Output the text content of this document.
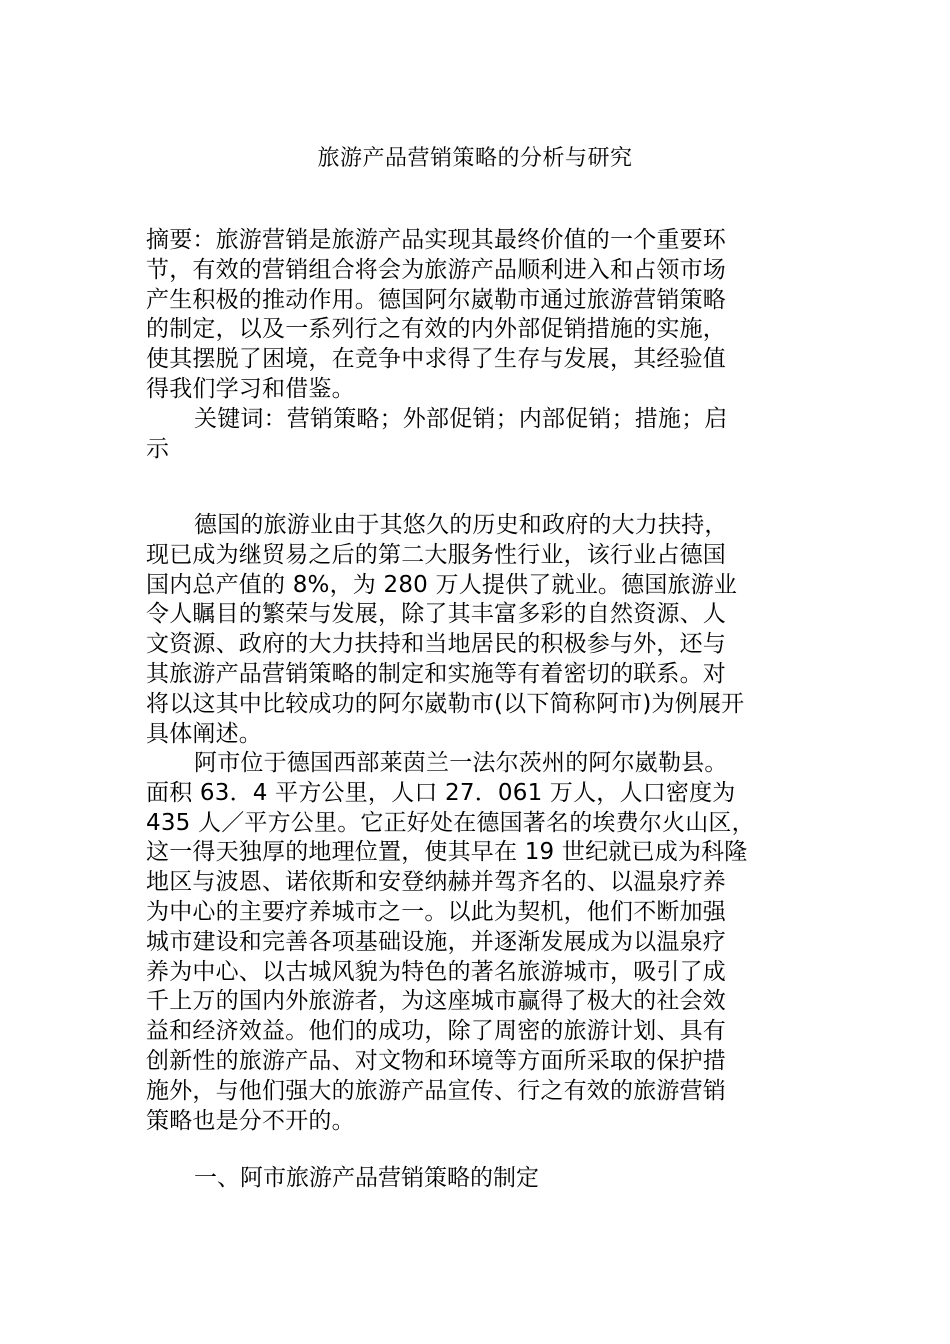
旅游产品营销策略的分析与研究
摘要：旅游营销是旅游产品实现其最终价值的一个重要环
节，有效的营销组合将会为旅游产品顺利进入和占领市场
产生积极的推动作用。德国阿尔崴勒市通过旅游营销策略
的制定，以及一系列行之有效的内外部促销措施的实施，
使其摆脱了困境，在竞争中求得了生存与发展，其经验值
得我们学习和借鉴。
关键词：营销策略；外部促销；内部促销；措施；启
示
德国的旅游业由于其悠久的历史和政府的大力扶持，
现已成为继贸易之后的第二大服务性行业，该行业占德国
国内总产值的 8%，为 280 万人提供了就业。德国旅游业
令人瞩目的繁荣与发展，除了其丰富多彩的自然资源、人
文资源、政府的大力扶持和当地居民的积极参与外，还与
其旅游产品营销策略的制定和实施等有着密切的联系。对
将以这其中比较成功的阿尔崴勒市(以下简称阿市)为例展开
具体阐述。
阿市位于德国西部莱茵兰一法尔茨州的阿尔崴勒县。
面积 63．4 平方公里，人口 27．061 万人，人口密度为
435 人／平方公里。它正好处在德国著名的埃费尔火山区，
这一得天独厚的地理位置，使其早在 19 世纪就已成为科隆
地区与波恩、诺依斯和安登纳赫并驾齐名的、以温泉疗养
为中心的主要疗养城市之一。以此为契机，他们不断加强
城市建设和完善各项基础设施，并逐渐发展成为以温泉疗
养为中心、以古城风貌为特色的著名旅游城市，吸引了成
千上万的国内外旅游者，为这座城市赢得了极大的社会效
益和经济效益。他们的成功，除了周密的旅游计划、具有
创新性的旅游产品、对文物和环境等方面所采取的保护措
施外，与他们强大的旅游产品宣传、行之有效的旅游营销
策略也是分不开的。
一、阿市旅游产品营销策略的制定
